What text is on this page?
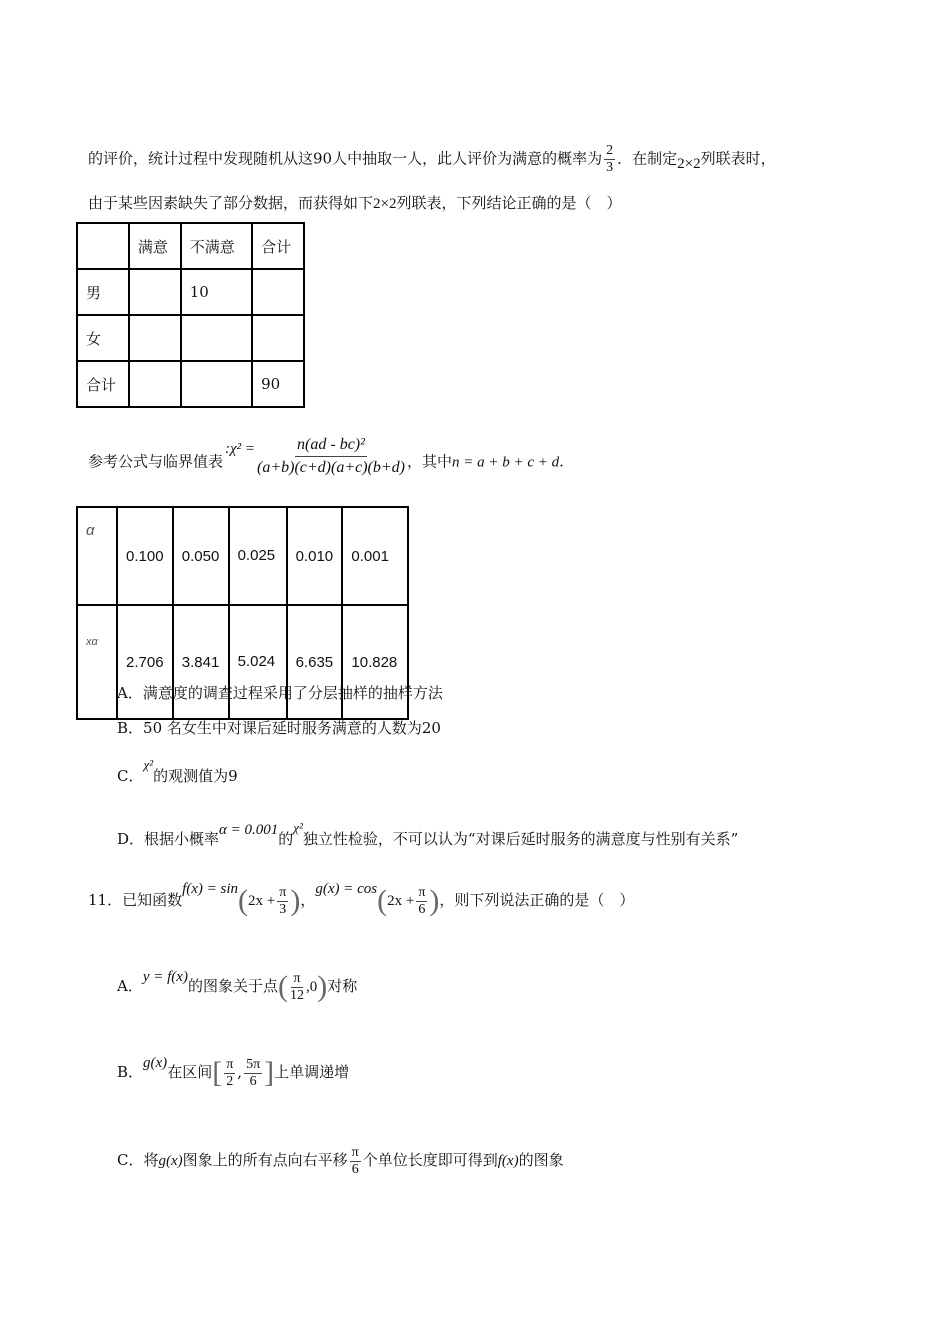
的评价，统计过程中发现随机从这90人中抽取一人，此人评价为满意的概率为 $\frac{2}{3}$ ．在制定2×2列联表时，
由于某些因素缺失了部分数据，而获得如下2×2列联表，下列结论正确的是（　）
	满意	不满意	合计
男		10	
女			
合计			90
参考公式与临界值表:χ² = $\frac{\text{n(ad - bc)²}}{(a+b)(c+d)(a+c)(b+d)}$ ，其中n = a + b + c + d.
α	0.100	0.050	0.025	0.010	0.001
xα	2.706	3.841	5.024	6.635	10.828
A．满意度的调查过程采用了分层抽样的抽样方法
B．50 名女生中对课后延时服务满意的人数为20
C．χ²的观测值为9
D．根据小概率α = 0.001的χ²独立性检验，不可以认为“对课后延时服务的满意度与性别有关系”
11．已知函数$f(x) = \sin(2x + \frac{\pi}{3}$ )，$g(x) = \cos(2x + \frac{\pi}{6}$ )，则下列说法正确的是（　）
A．y = f(x)的图象关于点( $\frac{\pi}{12} ,0$)对称
B．g(x)在区间[ $\frac{\pi}{2}$ , $\frac{5\pi}{6}$ ]上单调递增
C．将g(x)图象上的所有点向右平移 $\frac{\pi}{6}$ 个单位长度即可得到f(x)的图象
